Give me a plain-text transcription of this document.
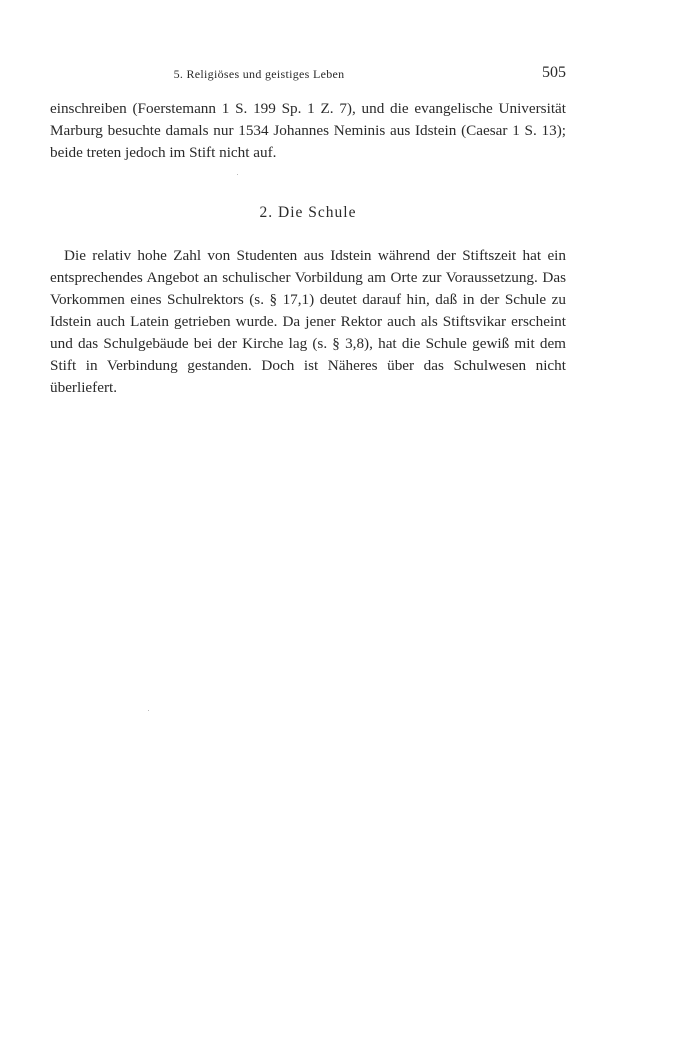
5. Religiöses und geistiges Leben	505

einschreiben (Foerstemann 1 S. 199 Sp. 1 Z. 7), und die evangelische Universität Marburg besuchte damals nur 1534 Johannes Neminis aus Idstein (Caesar 1 S. 13); beide treten jedoch im Stift nicht auf.

2. Die Schule

Die relativ hohe Zahl von Studenten aus Idstein während der Stiftszeit hat ein entsprechendes Angebot an schulischer Vorbildung am Orte zur Voraussetzung. Das Vorkommen eines Schulrektors (s. § 17,1) deutet darauf hin, daß in der Schule zu Idstein auch Latein getrieben wurde. Da jener Rektor auch als Stiftsvikar erscheint und das Schulgebäude bei der Kirche lag (s. § 3,8), hat die Schule gewiß mit dem Stift in Verbindung gestanden. Doch ist Näheres über das Schulwesen nicht überliefert.
